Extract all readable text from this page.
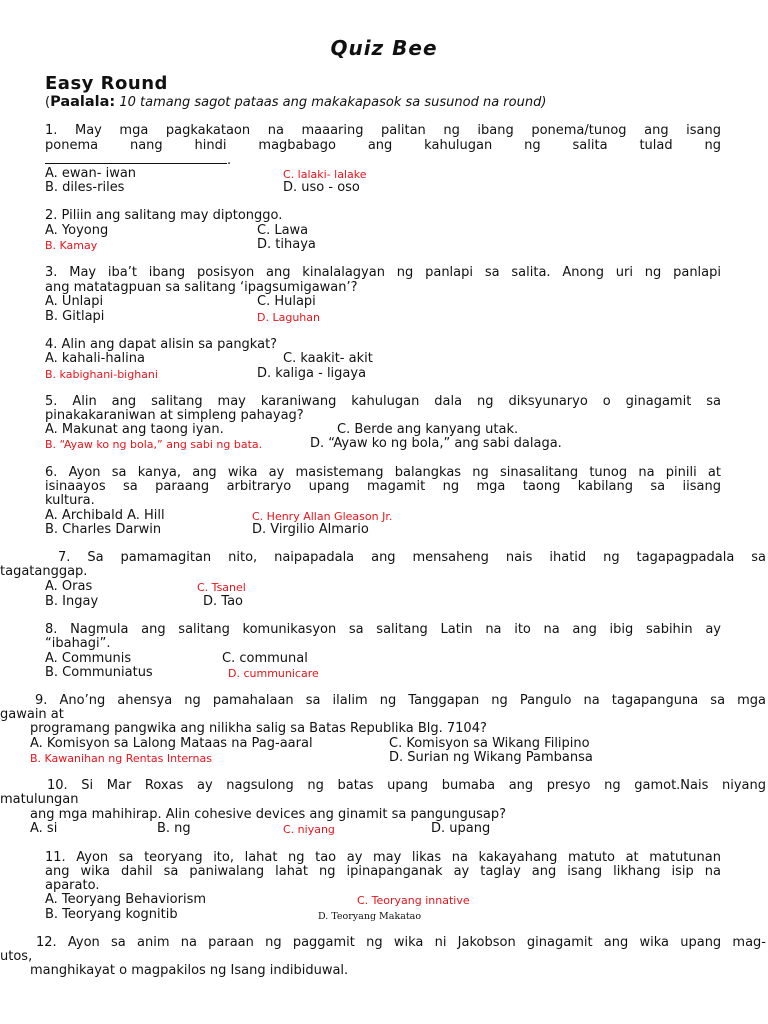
Quiz Bee
Easy Round

(Paalala: 10 tamang sagot pataas ang makakapasok sa susunod na round)

1. May mga pagkakataon na maaaring palitan ng ibang ponema/tunog ang isang

ponema nang hindi magbabago ang kahulugan ng salita tulad ng

.

A. ewan- iwan	C. lalaki- lalake

B. diles-riles	D. uso - oso

2. Piliin ang salitang may diptonggo.

A. Yoyong	C. Lawa

B. Kamay	D. tihaya

3. May iba’t ibang posisyon ang kinalalagyan ng panlapi sa salita. Anong uri ng panlapi

ang matatagpuan sa salitang ‘ipagsumigawan’?

A. Unlapi	C. Hulapi

B. Gitlapi	D. Laguhan

4. Alin ang dapat alisin sa pangkat?

A. kahali-halina	C. kaakit- akit

B. kabighani-bighani	D. kaliga - ligaya

5. Alin ang salitang may karaniwang kahulugan dala ng diksyunaryo o ginagamit sa

pinakakaraniwan at simpleng pahayag?

A. Makunat ang taong iyan.	C. Berde ang kanyang utak.

B. “Ayaw ko ng bola,” ang sabi ng bata.	D. “Ayaw ko ng bola,” ang sabi dalaga.

6. Ayon sa kanya, ang wika ay masistemang balangkas ng sinasalitang tunog na pinili at

isinaayos sa paraang arbitraryo upang magamit ng mga taong kabilang sa iisang

kultura.

A. Archibald A. Hill	C. Henry Allan Gleason Jr.

B. Charles Darwin	D. Virgilio Almario

7. Sa pamamagitan nito, naipapadala ang mensaheng nais ihatid ng tagapagpadala sa

tagatanggap.

A. Oras	C. Tsanel

B. Ingay	D. Tao

8. Nagmula ang salitang komunikasyon sa salitang Latin na ito na ang ibig sabihin ay

“ibahagi”.

A. Communis	C. communal

B. Communiatus	D. cummunicare

9. Ano’ng ahensya ng pamahalaan sa ilalim ng Tanggapan ng Pangulo na tagapanguna sa mga

gawain at

programang pangwika ang nilikha salig sa Batas Republika Blg. 7104?

A. Komisyon sa Lalong Mataas na Pag-aaral	C. Komisyon sa Wikang Filipino

B. Kawanihan ng Rentas Internas	D. Surian ng Wikang Pambansa

10. Si Mar Roxas ay nagsulong ng batas upang bumaba ang presyo ng gamot.Nais niyang

matulungan

ang mga mahihirap. Alin cohesive devices ang ginamit sa pangungusap?

A. si	B. ng	C. niyang	D. upang

11. Ayon sa teoryang ito, lahat ng tao ay may likas na kakayahang matuto at matutunan

ang wika dahil sa paniwalang lahat ng ipinapanganak ay taglay ang isang likhang isip na

aparato.

A. Teoryang Behaviorism	C. Teoryang innative

B. Teoryang kognitib	D. Teoryang Makatao

12. Ayon sa anim na paraan ng paggamit ng wika ni Jakobson ginagamit ang wika upang mag-

utos,

manghikayat o magpakilos ng Isang indibiduwal.
